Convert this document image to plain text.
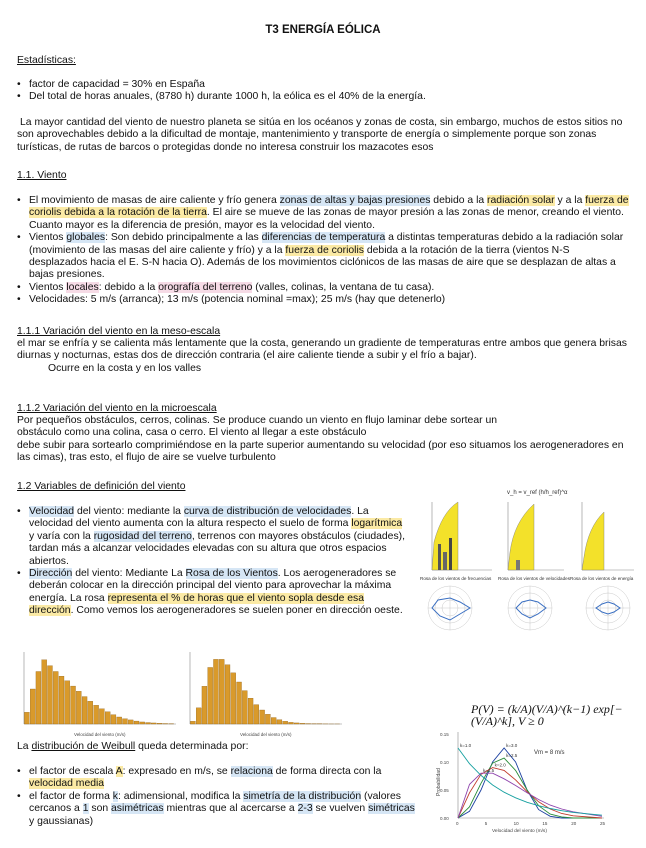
T3 ENERGÍA EÓLICA
Estadísticas:
• factor de capacidad = 30% en España
• Del total de horas anuales, (8780 h) durante 1000 h, la eólica es el 40% de la energía.
La mayor cantidad del viento de nuestro planeta se sitúa en los océanos y zonas de costa, sin embargo, muchos de estos sitios no son aprovechables debido a la dificultad de montaje, mantenimiento y transporte de energía o simplemente porque son zonas turísticas, de rutas de barcos o protegidas donde no interesa construir los mazacotes esos
1.1. Viento
• El movimiento de masas de aire caliente y frío genera zonas de altas y bajas presiones debido a la radiación solar y a la fuerza de coriolis debida a la rotación de la tierra. El aire se mueve de las zonas de mayor presión a las zonas de menor, creando el viento. Cuanto mayor es la diferencia de presión, mayor es la velocidad del viento.
• Vientos globales: Son debido principalmente a las diferencias de temperatura a distintas temperaturas debido a la radiación solar (movimiento de las masas del aire caliente y frío) y a la fuerza de coriolis debida a la rotación de la tierra (vientos N-S desplazados hacia el E. S-N hacia O). Además de los movimientos ciclónicos de las masas de aire que se desplazan de altas a bajas presiones.
• Vientos locales: debido a la orografía del terreno (valles, colinas, la ventana de tu casa).
• Velocidades: 5 m/s (arranca); 13 m/s (potencia nominal =max); 25 m/s (hay que detenerlo)
1.1.1 Variación del viento en la meso-escala
el mar se enfría y se calienta más lentamente que la costa, generando un gradiente de temperaturas entre ambos que genera brisas diurnas y nocturnas, estas dos de dirección contraria (el aire caliente tiende a subir y el frío a bajar).
Ocurre en la costa y en los valles
1.1.2 Variación del viento en la microescala
Por pequeños obstáculos, cerros, colinas. Se produce cuando un viento en flujo laminar debe sortear un
obstáculo como una colina, casa o cerro. El viento al llegar a este obstáculo
debe subir para sortearlo comprimiéndose en la parte superior aumentando su velocidad (por eso situamos los aerogeneradores en las cimas), tras esto, el flujo de aire se vuelve turbulento
1.2 Variables de definición del viento
• Velocidad del viento: mediante la curva de distribución de velocidades. La velocidad del viento aumenta con la altura respecto el suelo de forma logarítmica y varía con la rugosidad del terreno, terrenos con mayores obstáculos (ciudades), tardan más a alcanzar velocidades elevadas con su altura que otros espacios abiertos.
• Dirección del viento: Mediante La Rosa de los Vientos. Los aerogeneradores se deberán colocar en la dirección principal del viento para aprovechar la máxima energía. La rosa representa el % de horas que el viento sopla desde esa dirección. Como vemos los aerogeneradores se suelen poner en dirección oeste.
v_h = v_ref (h/h_ref)^α
Rosa de los vientos de frecuencias Rosa de los vientos de velocidades Rosa de los vientos de energía
Velocidad del viento (m/s)	Velocidad del viento (m/s)
P(V) = (k/A)(V/A)^(k−1) exp[−(V/A)^k], V ≥ 0
La distribución de Weibull queda determinada por:
• el factor de escala A: expresado en m/s, se relaciona de forma directa con la velocidad media
• el factor de forma k: adimensional, modifica la simetría de la distribución (valores cercanos a 1 son asimétricas mientras que al acercarse a 2-3 se vuelven simétricas y gaussianas)
Probabilidad
0.15
0.10
0.05
0.00
0	5	10	15	20	25
k=3.0
k=2.5
k=2.0
k=1.5
k=1.0
Vm = 8 m/s
Velocidad del viento (m/s)
